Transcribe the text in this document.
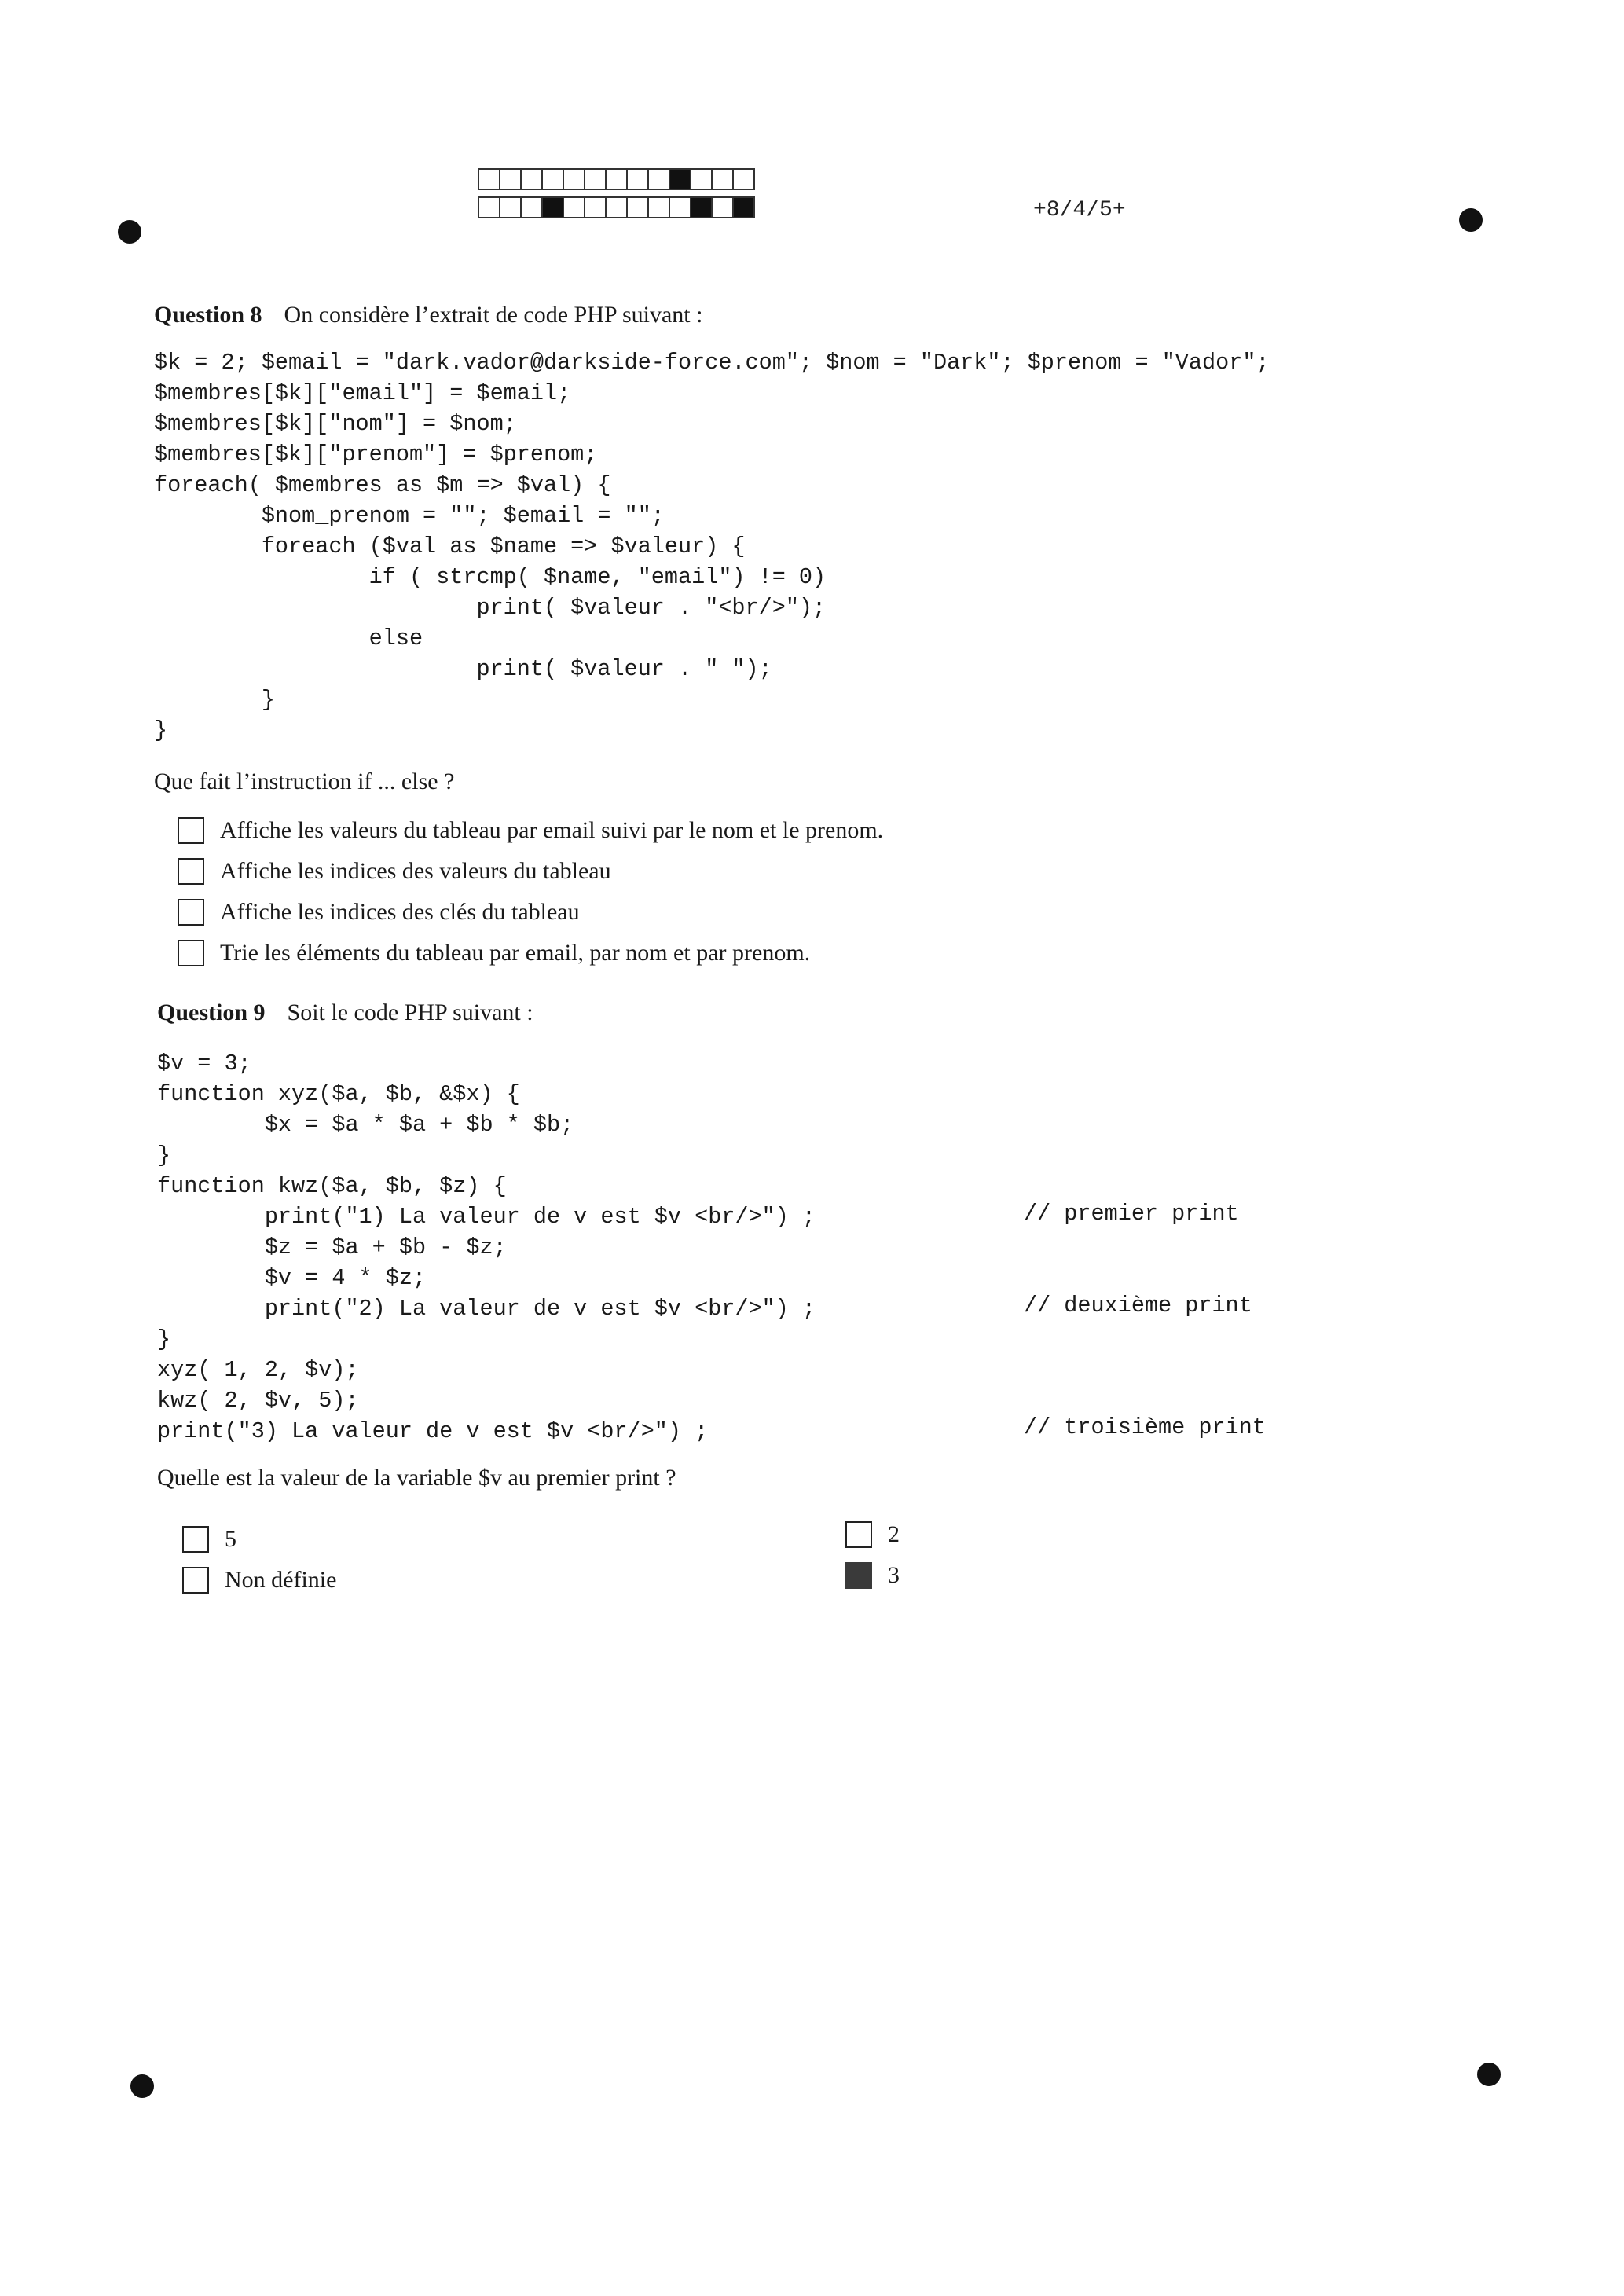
+8/4/5+
Question 8 On considère l’extrait de code PHP suivant :
$k = 2; $email = "dark.vador@darkside-force.com"; $nom = "Dark"; $prenom = "Vador";
$membres[$k]["email"] = $email;
$membres[$k]["nom"] = $nom;
$membres[$k]["prenom"] = $prenom;
foreach( $membres as $m => $val) {
$nom_prenom = ""; $email = "";
foreach ($val as $name => $valeur) {
if ( strcmp( $name, "email") != 0)
print( $valeur . "<br/>");
else
print( $valeur . " ");
}
}
Que fait l’instruction if ... else ?
Affiche les valeurs du tableau par email suivi par le nom et le prenom.
Affiche les indices des valeurs du tableau
Affiche les indices des clés du tableau
Trie les éléments du tableau par email, par nom et par prenom.
Question 9 Soit le code PHP suivant :
$v = 3;
function xyz($a, $b, &$x) {
$x = $a * $a + $b * $b;
}
function kwz($a, $b, $z) {
print("1) La valeur de v est $v <br/>") ;
$z = $a + $b - $z;
$v = 4 * $z;
print("2) La valeur de v est $v <br/>") ;
}
xyz( 1, 2, $v);
kwz( 2, $v, 5);
print("3) La valeur de v est $v <br/>") ;
// premier print
// deuxième print
// troisième print
Quelle est la valeur de la variable $v au premier print ?
5
Non définie
2
3
